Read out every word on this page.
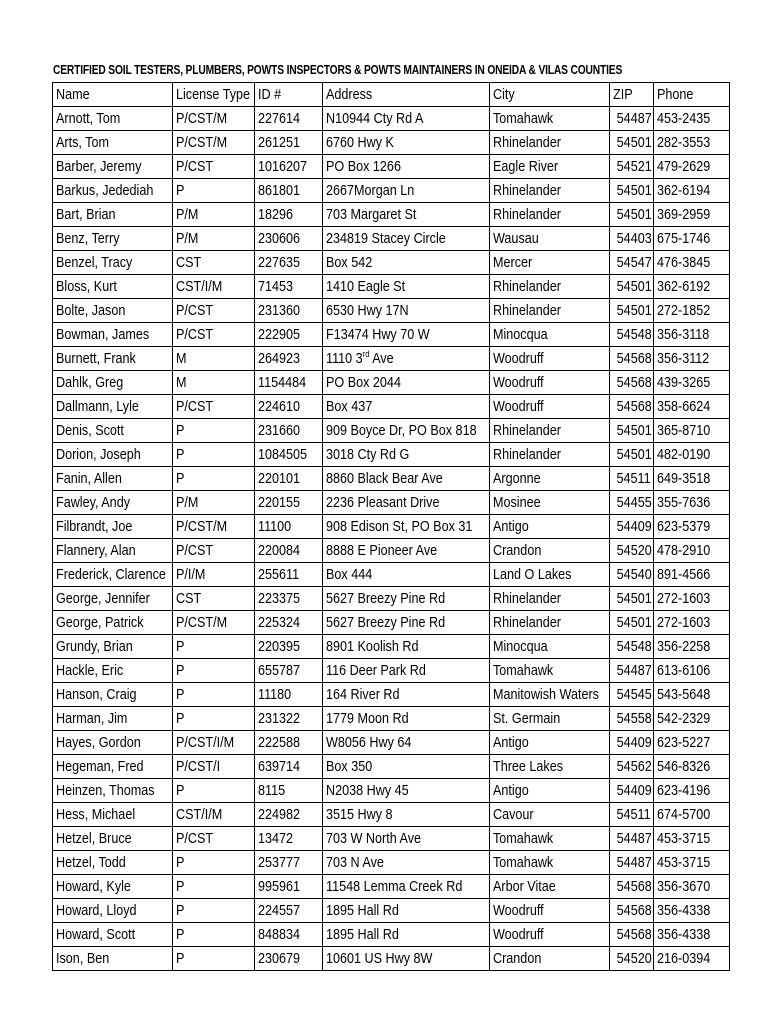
CERTIFIED SOIL TESTERS, PLUMBERS, POWTS INSPECTORS & POWTS MAINTAINERS IN ONEIDA & VILAS COUNTIES
Name	License Type	ID #	Address	City	ZIP	Phone
Arnott, Tom	P/CST/M	227614	N10944 Cty Rd A	Tomahawk	54487	453-2435
Arts, Tom	P/CST/M	261251	6760 Hwy K	Rhinelander	54501	282-3553
Barber, Jeremy	P/CST	1016207	PO Box 1266	Eagle River	54521	479-2629
Barkus, Jedediah	P	861801	2667Morgan Ln	Rhinelander	54501	362-6194
Bart, Brian	P/M	18296	703 Margaret St	Rhinelander	54501	369-2959
Benz, Terry	P/M	230606	234819 Stacey Circle	Wausau	54403	675-1746
Benzel, Tracy	CST	227635	Box 542	Mercer	54547	476-3845
Bloss, Kurt	CST/I/M	71453	1410 Eagle St	Rhinelander	54501	362-6192
Bolte, Jason	P/CST	231360	6530 Hwy 17N	Rhinelander	54501	272-1852
Bowman, James	P/CST	222905	F13474 Hwy 70 W	Minocqua	54548	356-3118
Burnett, Frank	M	264923	1110 3rd Ave	Woodruff	54568	356-3112
Dahlk, Greg	M	1154484	PO Box 2044	Woodruff	54568	439-3265
Dallmann, Lyle	P/CST	224610	Box 437	Woodruff	54568	358-6624
Denis, Scott	P	231660	909 Boyce Dr, PO Box 818	Rhinelander	54501	365-8710
Dorion, Joseph	P	1084505	3018 Cty Rd G	Rhinelander	54501	482-0190
Fanin, Allen	P	220101	8860 Black Bear Ave	Argonne	54511	649-3518
Fawley, Andy	P/M	220155	2236 Pleasant Drive	Mosinee	54455	355-7636
Filbrandt, Joe	P/CST/M	11100	908 Edison St, PO Box 31	Antigo	54409	623-5379
Flannery, Alan	P/CST	220084	8888 E Pioneer Ave	Crandon	54520	478-2910
Frederick, Clarence	P/I/M	255611	Box 444	Land O Lakes	54540	891-4566
George, Jennifer	CST	223375	5627 Breezy Pine Rd	Rhinelander	54501	272-1603
George, Patrick	P/CST/M	225324	5627 Breezy Pine Rd	Rhinelander	54501	272-1603
Grundy, Brian	P	220395	8901 Koolish Rd	Minocqua	54548	356-2258
Hackle, Eric	P	655787	116 Deer Park Rd	Tomahawk	54487	613-6106
Hanson, Craig	P	11180	164 River Rd	Manitowish Waters	54545	543-5648
Harman, Jim	P	231322	1779 Moon Rd	St. Germain	54558	542-2329
Hayes, Gordon	P/CST/I/M	222588	W8056 Hwy 64	Antigo	54409	623-5227
Hegeman, Fred	P/CST/I	639714	Box 350	Three Lakes	54562	546-8326
Heinzen, Thomas	P	8115	N2038 Hwy 45	Antigo	54409	623-4196
Hess, Michael	CST/I/M	224982	3515 Hwy 8	Cavour	54511	674-5700
Hetzel, Bruce	P/CST	13472	703 W North Ave	Tomahawk	54487	453-3715
Hetzel, Todd	P	253777	703 N Ave	Tomahawk	54487	453-3715
Howard, Kyle	P	995961	11548 Lemma Creek Rd	Arbor Vitae	54568	356-3670
Howard, Lloyd	P	224557	1895 Hall Rd	Woodruff	54568	356-4338
Howard, Scott	P	848834	1895 Hall Rd	Woodruff	54568	356-4338
Ison, Ben	P	230679	10601 US Hwy 8W	Crandon	54520	216-0394
